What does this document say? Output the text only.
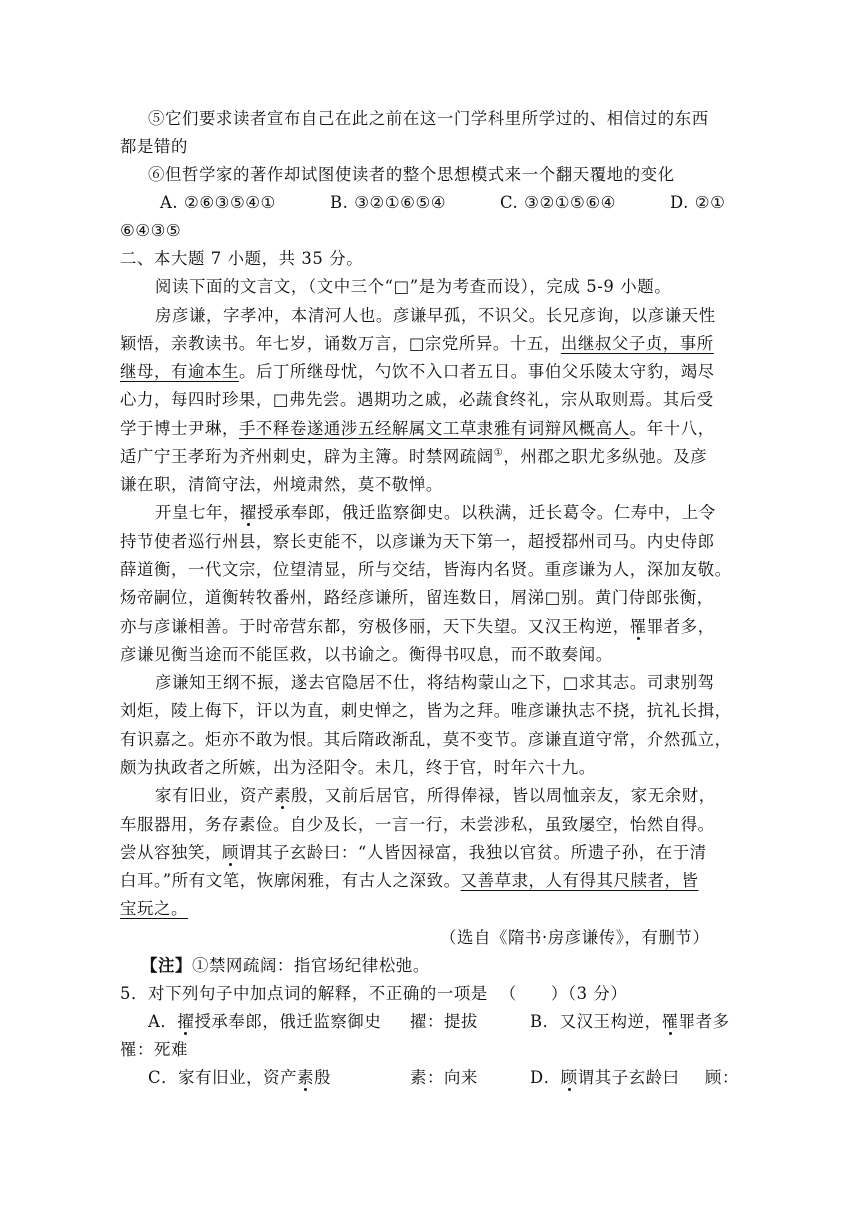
⑤它们要求读者宣布自己在此之前在这一门学科里所学过的、相信过的东西
都是错的
⑥但哲学家的著作却试图使读者的整个思想模式来一个翻天覆地的变化
A. ②⑥③⑤④①	B. ③②①⑥⑤④	C. ③②①⑤⑥④	D. ②①
⑥④③⑤
二、本大题 7 小题，共 35 分。
阅读下面的文言文，（文中三个“□”是为考查而设），完成 5-9 小题。
房彦谦，字孝冲，本清河人也。彦谦早孤，不识父。长兄彦询，以彦谦天性
颖悟，亲教读书。年七岁，诵数万言，□宗党所异。十五，出继叔父子贞，事所
继母，有逾本生。后丁所继母忧，勺饮不入口者五日。事伯父乐陵太守豹，竭尽
心力，每四时珍果，□弗先尝。遇期功之戚，必蔬食终礼，宗从取则焉。其后受
学于博士尹琳，手不释卷遂通涉五经解属文工草隶雅有词辩风概高人。年十八，
适广宁王孝珩为齐州刺史，辟为主簿。时禁网疏阔①，州郡之职尤多纵弛。及彦
谦在职，清简守法，州境肃然，莫不敬惮。
开皇七年，擢授承奉郎，俄迁监察御史。以秩满，迁长葛令。仁寿中，上令
持节使者巡行州县，察长吏能不，以彦谦为天下第一，超授鄀州司马。内史侍郎
薛道衡，一代文宗，位望清显，所与交结，皆海内名贤。重彦谦为人，深加友敬。
炀帝嗣位，道衡转牧番州，路经彦谦所，留连数日，屑涕□别。黄门侍郎张衡，
亦与彦谦相善。于时帝营东都，穷极侈丽，天下失望。又汉王构逆，罹罪者多，
彦谦见衡当途而不能匡救，以书谕之。衡得书叹息，而不敢奏闻。
彦谦知王纲不振，遂去官隐居不仕，将结构蒙山之下，□求其志。司隶别驾
刘炬，陵上侮下，讦以为直，刺史惮之，皆为之拜。唯彦谦执志不挠，抗礼长揖，
有识嘉之。炬亦不敢为恨。其后隋政渐乱，莫不变节。彦谦直道守常，介然孤立，
颇为执政者之所嫉，出为泾阳令。未几，终于官，时年六十九。
家有旧业，资产素殷，又前后居官，所得俸禄，皆以周恤亲友，家无余财，
车服器用，务存素俭。自少及长，一言一行，未尝涉私，虽致屡空，怡然自得。
尝从容独笑，顾谓其子玄龄曰：“人皆因禄富，我独以官贫。所遗子孙，在于清
白耳。”所有文笔，恢廓闲雅，有古人之深致。又善草隶，人有得其尺牍者，皆
宝玩之。
（选自《隋书·房彦谦传》，有删节）
【注】①禁网疏阔：指官场纪律松弛。
5．对下列句子中加点词的解释，不正确的一项是 （　　）（3 分）
A．擢授承奉郎，俄迁监察御史 擢：提拔	B．又汉王构逆，罹罪者多
罹：死难
C．家有旧业，资产素殷	素：向来	D．顾谓其子玄龄曰 顾：
